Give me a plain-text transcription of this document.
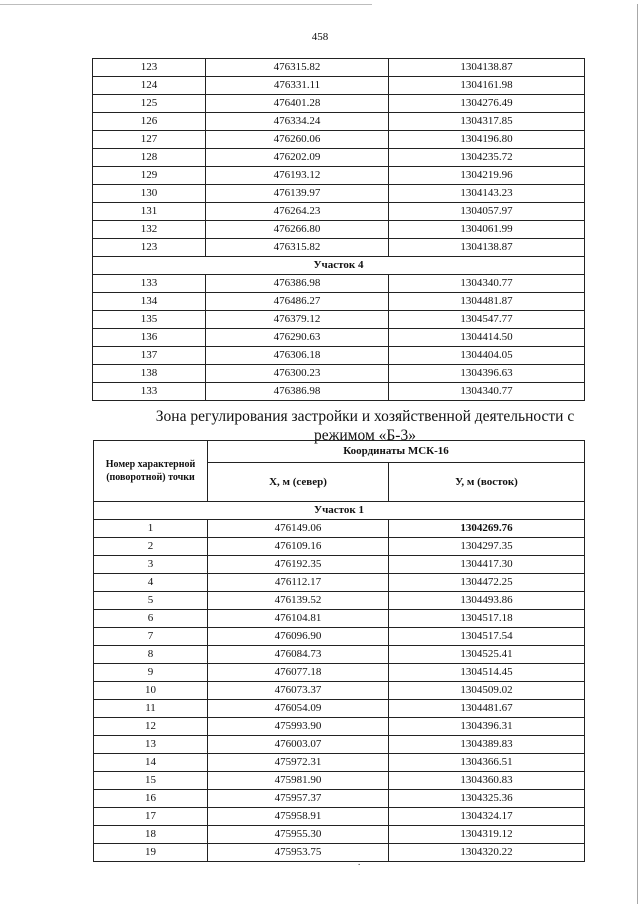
458
123	476315.82	1304138.87
124	476331.11	1304161.98
125	476401.28	1304276.49
126	476334.24	1304317.85
127	476260.06	1304196.80
128	476202.09	1304235.72
129	476193.12	1304219.96
130	476139.97	1304143.23
131	476264.23	1304057.97
132	476266.80	1304061.99
123	476315.82	1304138.87
Участок 4		
133	476386.98	1304340.77
134	476486.27	1304481.87
135	476379.12	1304547.77
136	476290.63	1304414.50
137	476306.18	1304404.05
138	476300.23	1304396.63
133	476386.98	1304340.77
Зона регулирования застройки и хозяйственной деятельности с
режимом «Б-3»
Номер характерной (поворотной) точки	Координаты МСК-16	
	X, м (север)	У, м (восток)
Участок 1		
1	476149.06	1304269.76
2	476109.16	1304297.35
3	476192.35	1304417.30
4	476112.17	1304472.25
5	476139.52	1304493.86
6	476104.81	1304517.18
7	476096.90	1304517.54
8	476084.73	1304525.41
9	476077.18	1304514.45
10	476073.37	1304509.02
11	476054.09	1304481.67
12	475993.90	1304396.31
13	476003.07	1304389.83
14	475972.31	1304366.51
15	475981.90	1304360.83
16	475957.37	1304325.36
17	475958.91	1304324.17
18	475955.30	1304319.12
19	475953.75	1304320.22
.
